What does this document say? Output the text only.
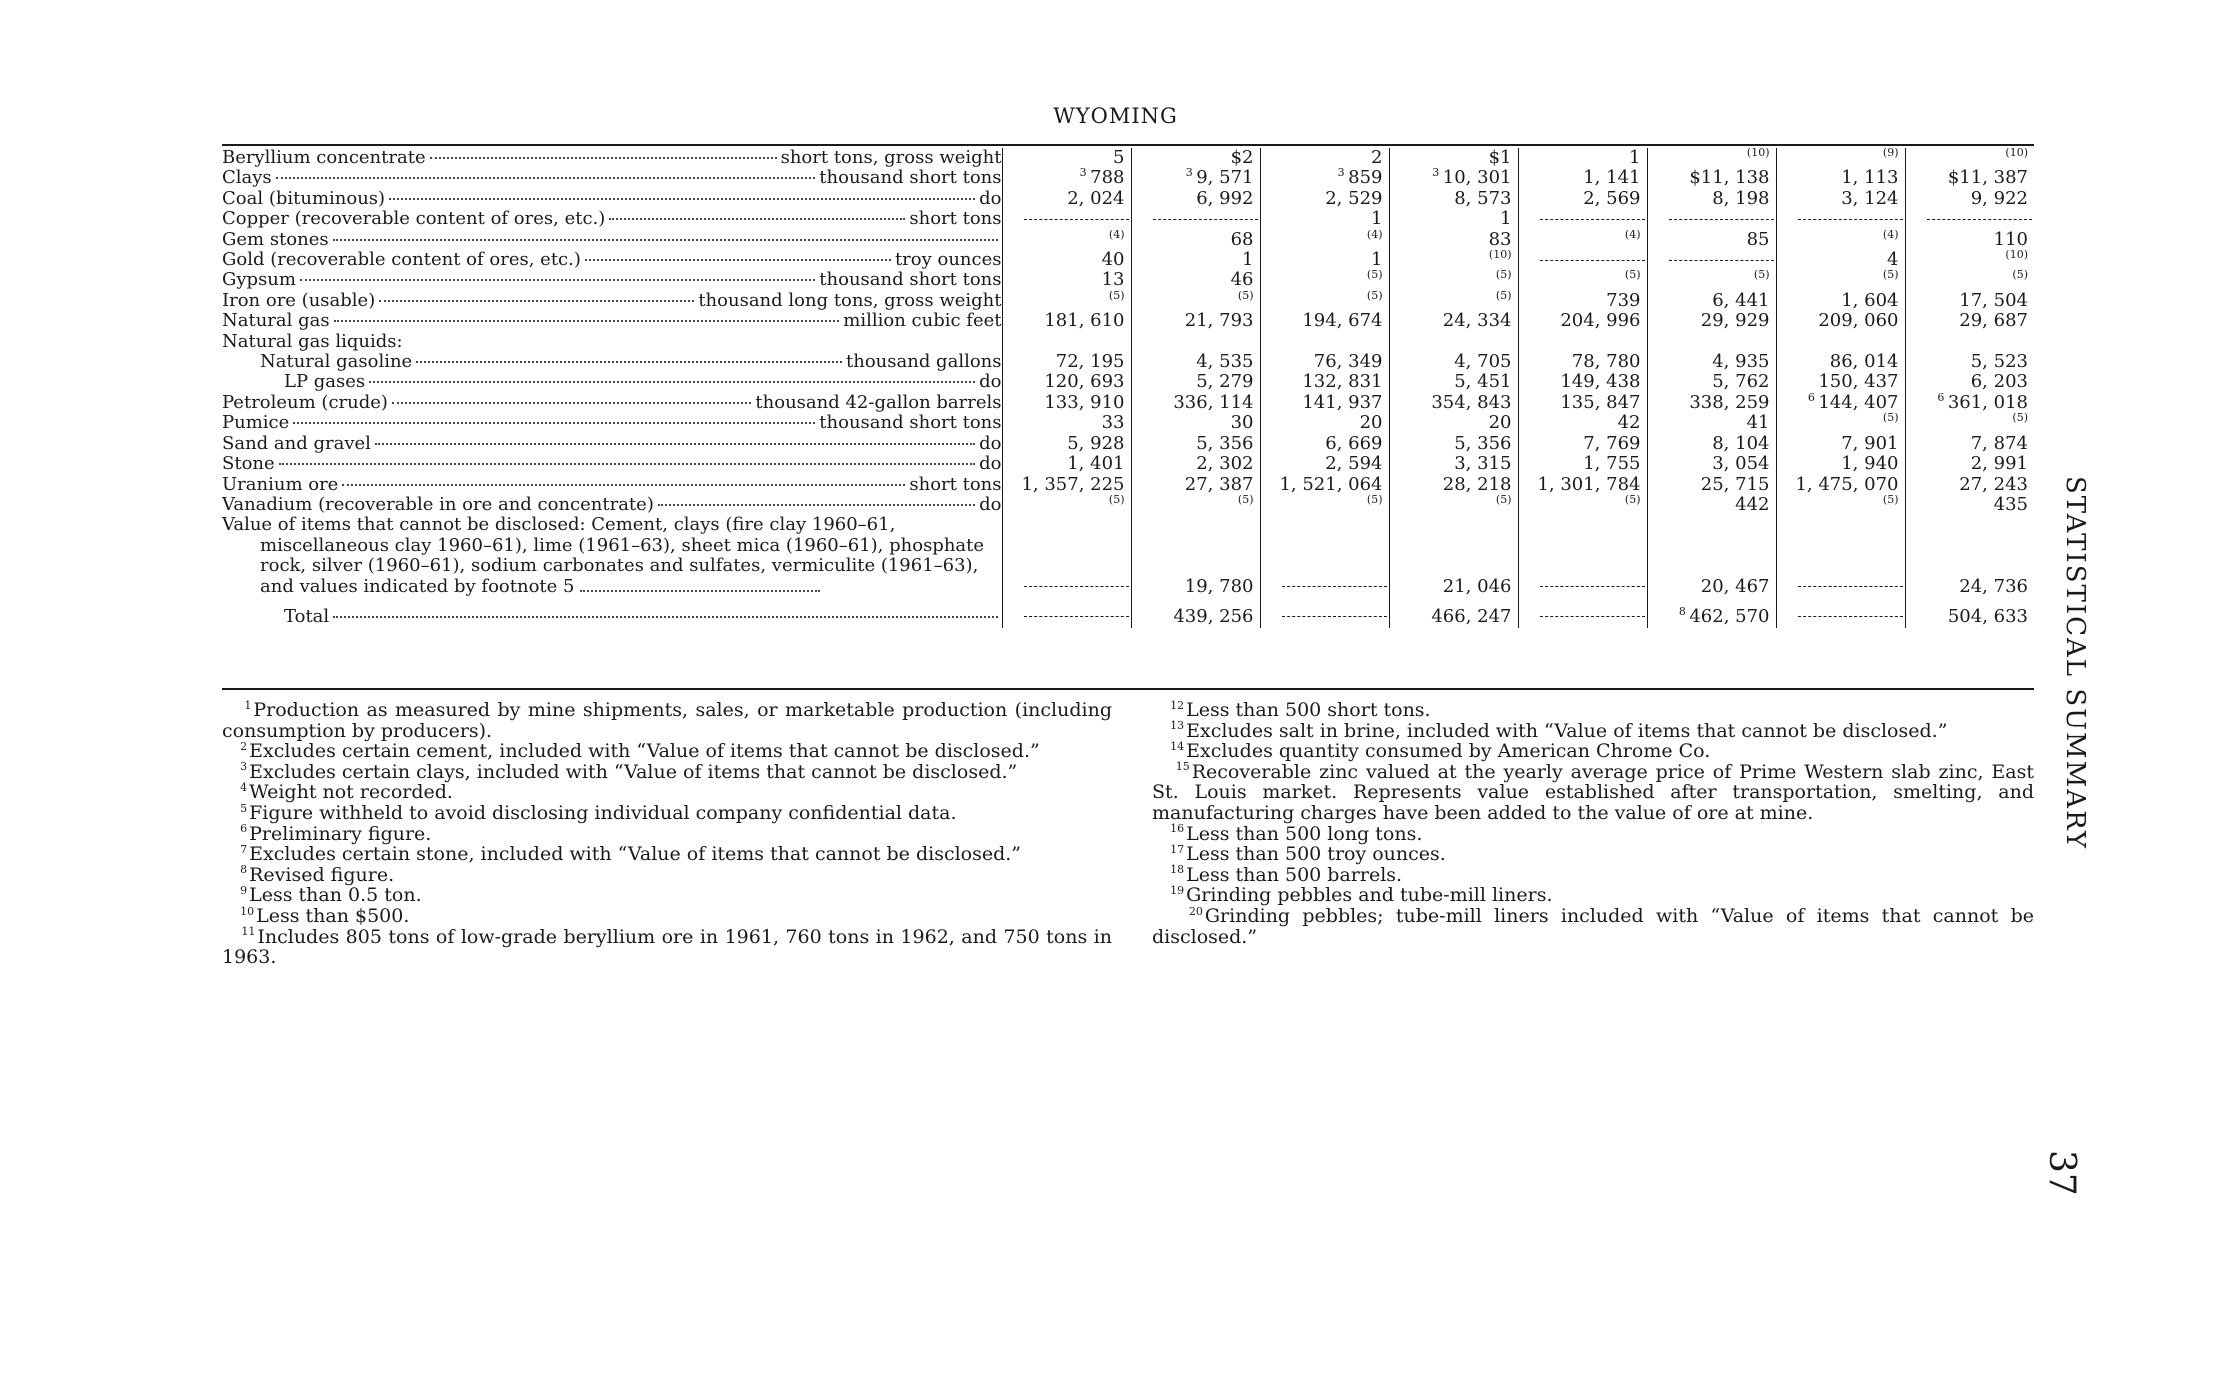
WYOMING
Beryllium concentrate short tons, gross weight	5	$2	2	$1	1	$^{(10)}$	$^{(9)}$	$^{(10)}$

Clays thousand short tons	$^3$ 788	$^3$ 9, 571	$^3$ 859	$^3$ 10, 301	1, 141	$11, 138	1, 113	$11, 387

Coal (bituminous) do	2, 024	6, 992	2, 529	8, 573	2, 569	8, 198	3, 124	9, 922

Copper (recoverable content of ores, etc.) short tons			1	1				

Gem stones	$^{(4)}$	68	$^{(4)}$	83	$^{(4)}$	85	$^{(4)}$	110

Gold (recoverable content of ores, etc.) troy ounces	40	1	1	$^{(10)}$			4	$^{(10)}$

Gypsum thousand short tons	13	46	$^{(5)}$	$^{(5)}$	$^{(5)}$	$^{(5)}$	$^{(5)}$	$^{(5)}$

Iron ore (usable) thousand long tons, gross weight	$^{(5)}$	$^{(5)}$	$^{(5)}$	$^{(5)}$	739	6, 441	1, 604	17, 504

Natural gas million cubic feet	181, 610	21, 793	194, 674	24, 334	204, 996	29, 929	209, 060	29, 687

Natural gas liquids:								

Natural gasoline thousand gallons	72, 195	4, 535	76, 349	4, 705	78, 780	4, 935	86, 014	5, 523

LP gases do	120, 693	5, 279	132, 831	5, 451	149, 438	5, 762	150, 437	6, 203

Petroleum (crude) thousand 42-gallon barrels	133, 910	336, 114	141, 937	354, 843	135, 847	338, 259	$^6$ 144, 407	$^6$ 361, 018

Pumice thousand short tons	33	30	20	20	42	41	$^{(5)}$	$^{(5)}$

Sand and gravel do	5, 928	5, 356	6, 669	5, 356	7, 769	8, 104	7, 901	7, 874

Stone do	1, 401	2, 302	2, 594	3, 315	1, 755	3, 054	1, 940	2, 991

Uranium ore short tons	1, 357, 225	27, 387	1, 521, 064	28, 218	1, 301, 784	25, 715	1, 475, 070	27, 243

Vanadium (recoverable in ore and concentrate) do	$^{(5)}$	$^{(5)}$	$^{(5)}$	$^{(5)}$	$^{(5)}$	442	$^{(5)}$	435

Value of items that cannot be disclosed: Cement, clays (fire clay 1960–61, miscellaneous clay 1960–61), lime (1961–63), sheet mica (1960–61), phosphate rock, silver (1960–61), sodium carbonates and sulfates, vermiculite (1961–63), and values indicated by footnote 5		19, 780		21, 046		20, 467		24, 736

Total		439, 256		466, 247		$^8$ 462, 570		504, 633

$^1$ Production as measured by mine shipments, sales, or marketable production (including consumption by producers).

$^2$ Excludes certain cement, included with “Value of items that cannot be disclosed.”

$^3$ Excludes certain clays, included with “Value of items that cannot be disclosed.”

$^4$ Weight not recorded.

$^5$ Figure withheld to avoid disclosing individual company confidential data.

$^6$ Preliminary figure.

$^7$ Excludes certain stone, included with “Value of items that cannot be disclosed.”

$^8$ Revised figure.

$^9$ Less than 0.5 ton.

$^{10}$ Less than $500.

$^{11}$ Includes 805 tons of low-grade beryllium ore in 1961, 760 tons in 1962, and 750 tons in 1963.

$^{12}$ Less than 500 short tons.

$^{13}$ Excludes salt in brine, included with “Value of items that cannot be disclosed.”

$^{14}$ Excludes quantity consumed by American Chrome Co.

$^{15}$ Recoverable zinc valued at the yearly average price of Prime Western slab zinc, East St. Louis market. Represents value established after transportation, smelting, and manufacturing charges have been added to the value of ore at mine.

$^{16}$ Less than 500 long tons.

$^{17}$ Less than 500 troy ounces.

$^{18}$ Less than 500 barrels.

$^{19}$ Grinding pebbles and tube-mill liners.

$^{20}$ Grinding pebbles; tube-mill liners included with “Value of items that cannot be disclosed.”

STATISTICAL SUMMARY
37
